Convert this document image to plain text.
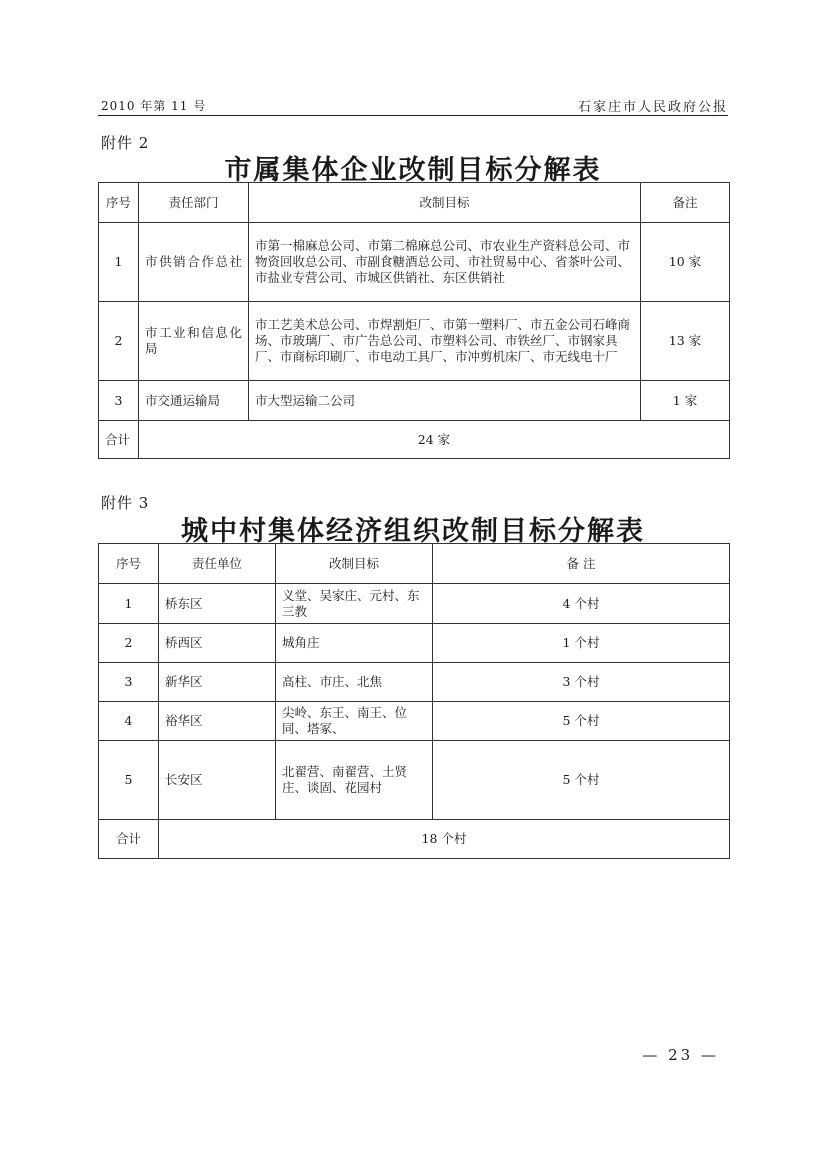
2010 年第 11 号	石家庄市人民政府公报
附件 2
市属集体企业改制目标分解表
序号	责任部门	改制目标	备注
1	市供销合作总社	市第一棉麻总公司、市第二棉麻总公司、市农业生产资料总公司、市物资回收总公司、市副食糖酒总公司、市社贸易中心、省茶叶公司、市盐业专营公司、市城区供销社、东区供销社	10 家
2	市工业和信息化局	市工艺美术总公司、市焊割炬厂、市第一塑料厂、市五金公司石峰商场、市玻璃厂、市广告总公司、市塑料公司、市铁丝厂、市钢家具厂、市商标印刷厂、市电动工具厂、市冲剪机床厂、市无线电十厂	13 家
3	市交通运输局	市大型运输二公司	1 家
合计	24 家		
附件 3
城中村集体经济组织改制目标分解表
序号	责任单位	改制目标	备 注
1	桥东区	义堂、吴家庄、元村、东三教	4 个村
2	桥西区	城角庄	1 个村
3	新华区	高柱、市庄、北焦	3 个村
4	裕华区	尖岭、东王、南王、位同、塔冢、	5 个村
5	长安区	北翟营、南翟营、土贤庄、谈固、花园村	5 个村
合计	18 个村		
— 23 —
